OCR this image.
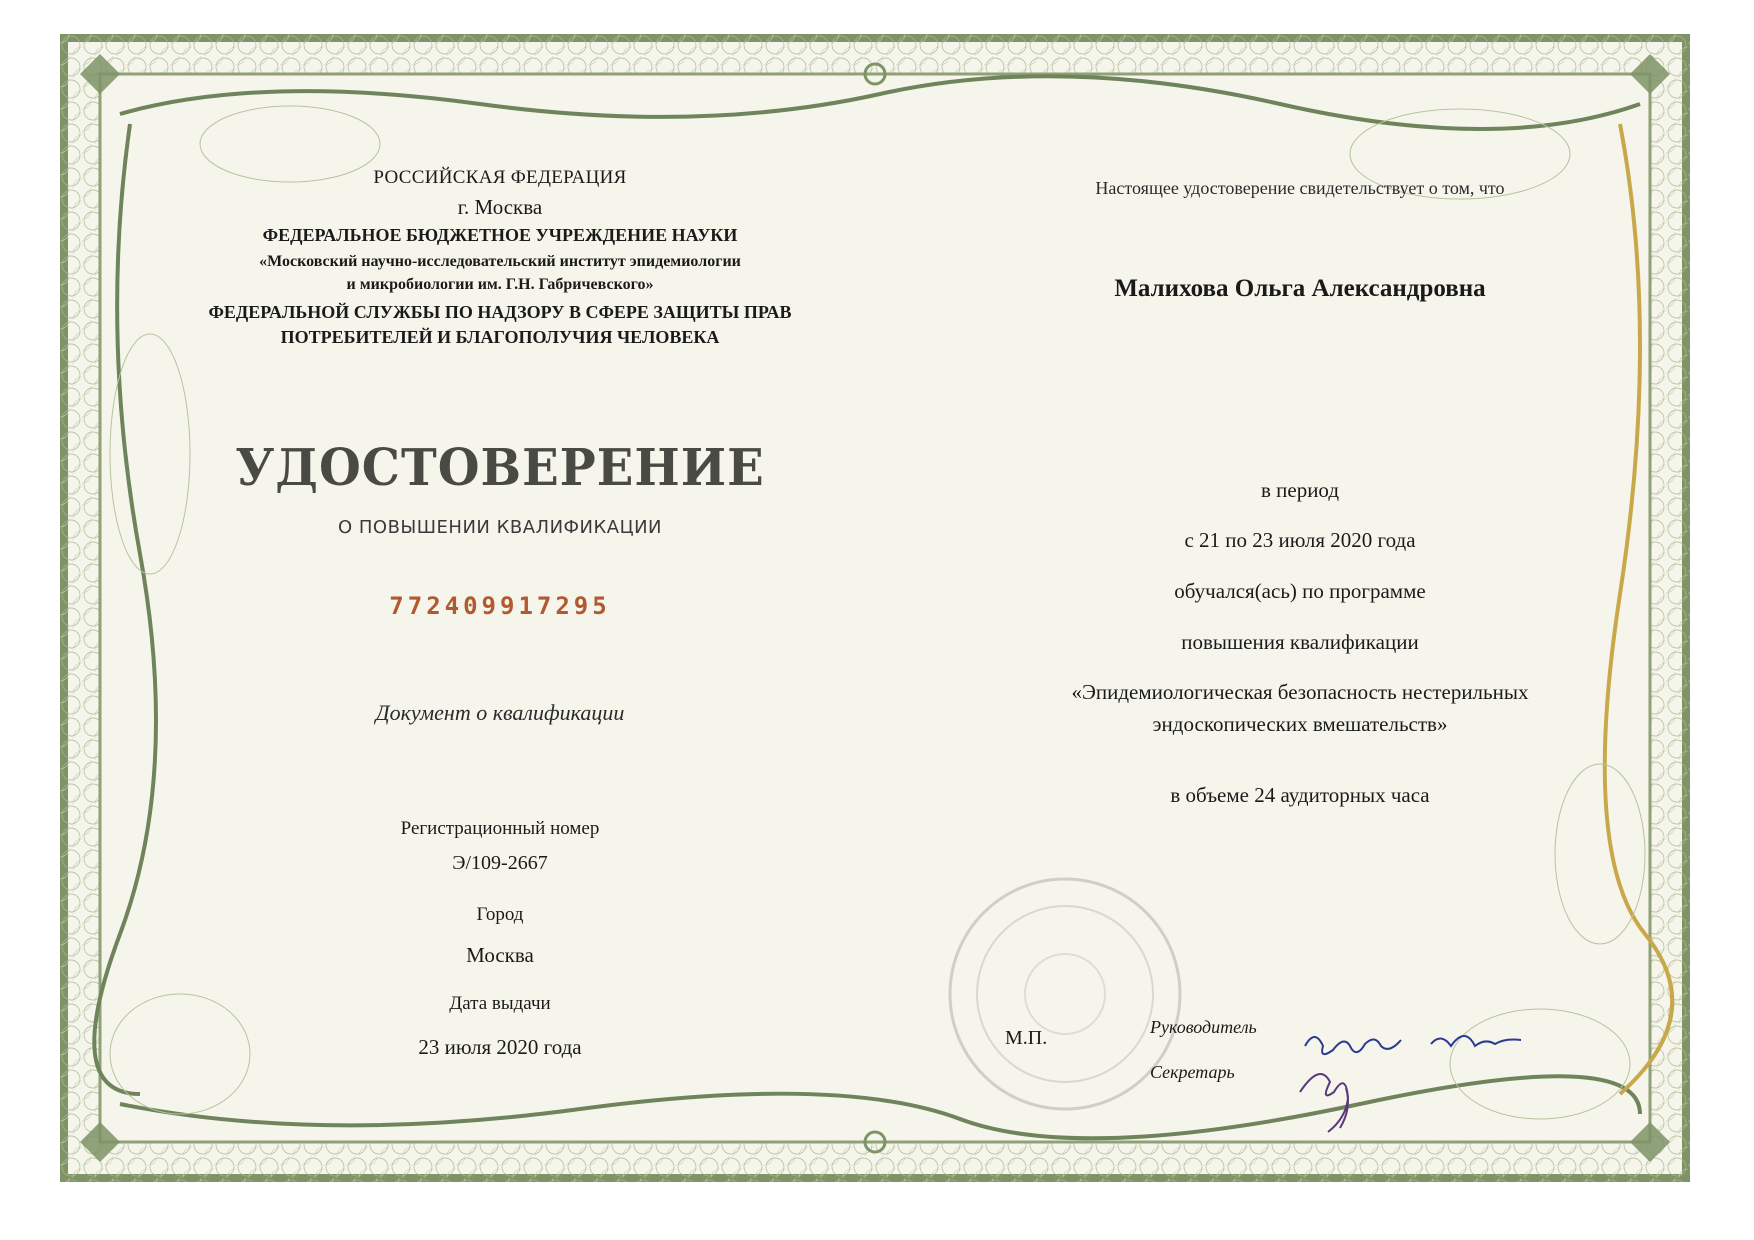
РОССИЙСКАЯ ФЕДЕРАЦИЯ
г. Москва
ФЕДЕРАЛЬНОЕ БЮДЖЕТНОЕ УЧРЕЖДЕНИЕ НАУКИ
«Московский научно-исследовательский институт эпидемиологии
и микробиологии им. Г.Н. Габричевского»
ФЕДЕРАЛЬНОЙ СЛУЖБЫ ПО НАДЗОРУ В СФЕРЕ ЗАЩИТЫ ПРАВ
ПОТРЕБИТЕЛЕЙ И БЛАГОПОЛУЧИЯ ЧЕЛОВЕКА
УДОСТОВЕРЕНИЕ
О ПОВЫШЕНИИ КВАЛИФИКАЦИИ
772409917295
Документ о квалификации
Регистрационный номер
Э/109-2667
Город
Москва
Дата выдачи
23 июля 2020 года
Настоящее удостоверение свидетельствует о том, что
Малихова Ольга Александровна
в период
с 21 по 23 июля 2020 года
обучался(ась) по программе
повышения квалификации
«Эпидемиологическая безопасность нестерильных
эндоскопических вмешательств»
в объеме 24 аудиторных часа
М.П.	Руководитель
Секретарь
